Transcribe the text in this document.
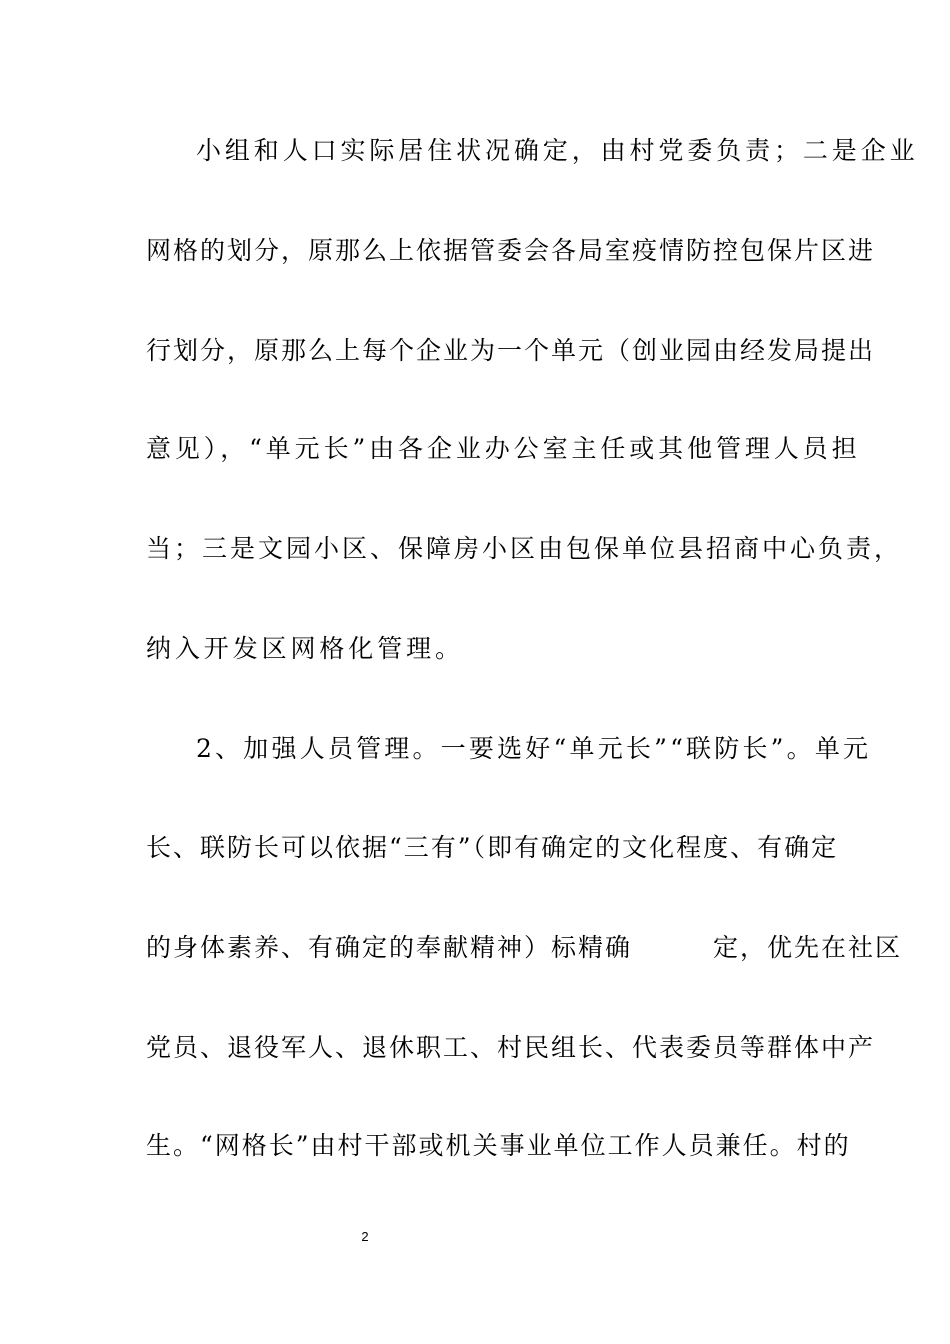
小组和人口实际居住状况确定，由村党委负责；二是企业
网格的划分，原那么上依据管委会各局室疫情防控包保片区进
行划分，原那么上每个企业为一个单元（创业园由经发局提出
意见），“单元长”由各企业办公室主任或其他管理人员担
当；三是文园小区、保障房小区由包保单位县招商中心负责，
纳入开发区网格化管理。
2、加强人员管理。一要选好“单元长”“联防长”。单元
长、联防长可以依据“三有”（即有确定的文化程度、有确定
的身体素养、有确定的奉献精神）标精确　　　定，优先在社区
党员、退役军人、退休职工、村民组长、代表委员等群体中产
生。“网格长”由村干部或机关事业单位工作人员兼任。村的
2
